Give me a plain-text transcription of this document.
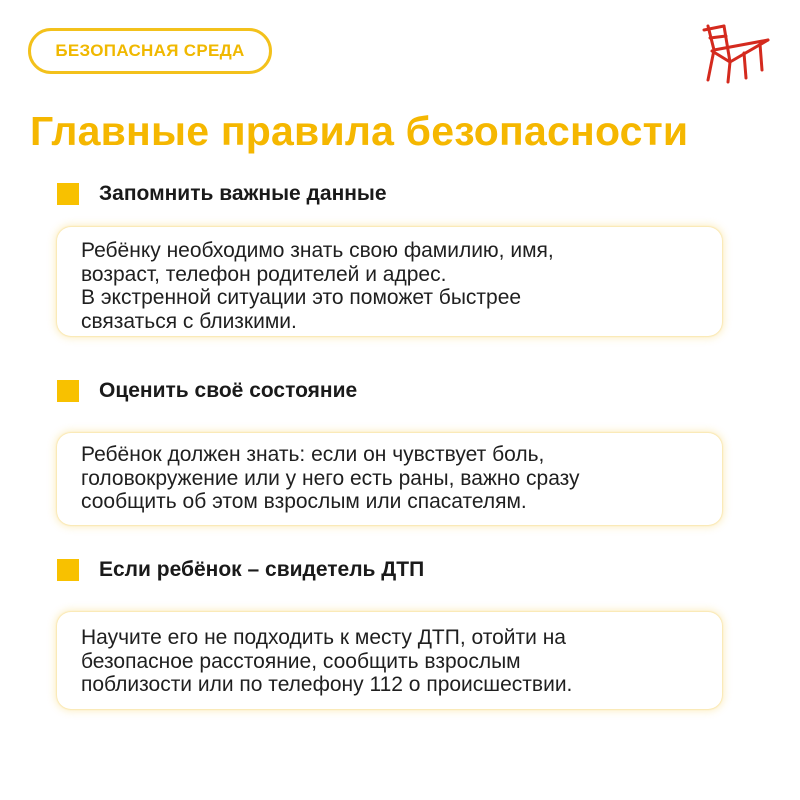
БЕЗОПАСНАЯ СРЕДА
Главные правила безопасности
Запомнить важные данные

Ребёнку необходимо знать свою фамилию, имя,

возраст, телефон родителей и адрес.

В экстренной ситуации это поможет быстрее

связаться с близкими.

Оценить своё состояние

Ребёнок должен знать: если он чувствует боль,

головокружение или у него есть раны, важно сразу

сообщить об этом взрослым или спасателям.

Если ребёнок – свидетель ДТП

Научите его не подходить к месту ДТП, отойти на

безопасное расстояние, сообщить взрослым

поблизости или по телефону 112 о происшествии.
